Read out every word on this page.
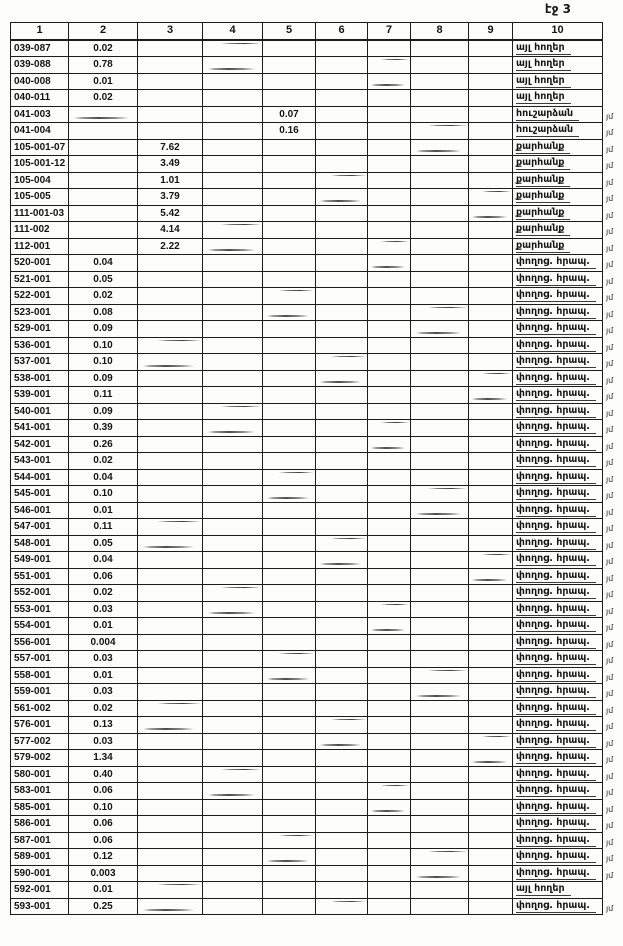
էջ 3
1	2	3	4	5	6	7	8	9	10	
039-087	0.02								այլ հողեր	
039-088	0.78								այլ հողեր	
040-008	0.01								այլ հողեր	
040-011	0.02								այլ հողեր	
041-003				0.07					հուշարձան	յմ
041-004				0.16					հուշարձան	յմ
105-001-07		7.62							քարհանք	յմ
105-001-12		3.49							քարհանք	յմ
105-004		1.01							քարհանք	յմ
105-005		3.79							քարհանք	յմ
111-001-03		5.42							քարհանք	յմ
111-002		4.14							քարհանք	յմ
112-001		2.22							քարհանք	յմ
520-001	0.04								փողոց. հրապ.	յմ
521-001	0.05								փողոց. հրապ.	յմ
522-001	0.02								փողոց. հրապ.	յմ
523-001	0.08								փողոց. հրապ.	յմ
529-001	0.09								փողոց. հրապ.	յմ
536-001	0.10								փողոց. հրապ.	յմ
537-001	0.10								փողոց. հրապ.	յմ
538-001	0.09								փողոց. հրապ.	յմ
539-001	0.11								փողոց. հրապ.	յմ
540-001	0.09								փողոց. հրապ.	յմ
541-001	0.39								փողոց. հրապ.	յմ
542-001	0.26								փողոց. հրապ.	յմ
543-001	0.02								փողոց. հրապ.	յմ
544-001	0.04								փողոց. հրապ.	յմ
545-001	0.10								փողոց. հրապ.	յմ
546-001	0.01								փողոց. հրապ.	յմ
547-001	0.11								փողոց. հրապ.	յմ
548-001	0.05								փողոց. հրապ.	յմ
549-001	0.04								փողոց. հրապ.	յմ
551-001	0.06								փողոց. հրապ.	յմ
552-001	0.02								փողոց. հրապ.	յմ
553-001	0.03								փողոց. հրապ.	յմ
554-001	0.01								փողոց. հրապ.	յմ
556-001	0.004								փողոց. հրապ.	յմ
557-001	0.03								փողոց. հրապ.	յմ
558-001	0.01								փողոց. հրապ.	յմ
559-001	0.03								փողոց. հրապ.	յմ
561-002	0.02								փողոց. հրապ.	յմ
576-001	0.13								փողոց. հրապ.	յմ
577-002	0.03								փողոց. հրապ.	յմ
579-002	1.34								փողոց. հրապ.	յմ
580-001	0.40								փողոց. հրապ.	յմ
583-001	0.06								փողոց. հրապ.	յմ
585-001	0.10								փողոց. հրապ.	յմ
586-001	0.06								փողոց. հրապ.	յմ
587-001	0.06								փողոց. հրապ.	յմ
589-001	0.12								փողոց. հրապ.	յմ
590-001	0.003								փողոց. հրապ.	յմ
592-001	0.01								այլ հողեր	
593-001	0.25								փողոց. հրապ.	յմ
